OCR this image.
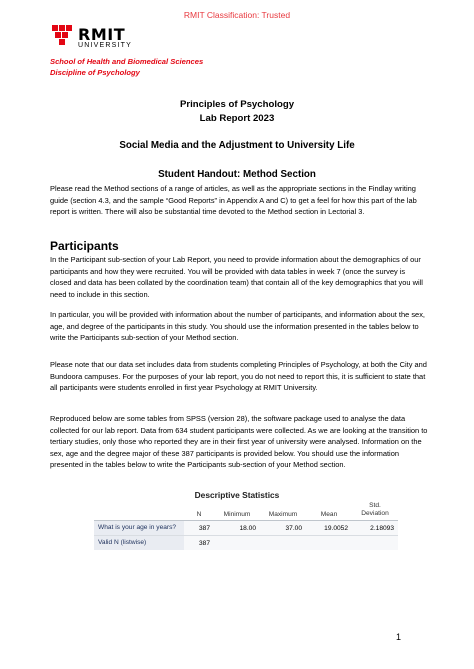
RMIT Classification: Trusted
RMIT
UNIVERSITY
School of Health and Biomedical Sciences
Discipline of Psychology
Principles of Psychology
Lab Report 2023
Social Media and the Adjustment to University Life
Student Handout: Method Section

Please read the Method sections of a range of articles, as well as the appropriate sections in the Findlay writing guide (section 4.3, and the sample “Good Reports” in Appendix A and C) to get a feel for how this part of the lab report is written. There will also be substantial time devoted to the Method section in Lectorial 3.

Participants

In the Participant sub-section of your Lab Report, you need to provide information about the demographics of our participants and how they were recruited. You will be provided with data tables in week 7 (once the survey is closed and data has been collated by the coordination team) that contain all of the key demographics that you will need to include in this section.

In particular, you will be provided with information about the number of participants, and information about the sex, age, and degree of the participants in this study. You should use the information presented in the tables below to write the Participants sub-section of your Method section.

Please note that our data set includes data from students completing Principles of Psychology, at both the City and Bundoora campuses. For the purposes of your lab report, you do not need to report this, it is sufficient to state that all participants were students enrolled in first year Psychology at RMIT University.

Reproduced below are some tables from SPSS (version 28), the software package used to analyse the data collected for our lab report. Data from 634 student participants were collected. As we are looking at the transition to tertiary studies, only those who reported they are in their first year of university were analysed. Information on the sex, age and the degree major of these 387 participants is provided below. You should use the information presented in the tables below to write the Participants sub-section of your Method section.

Descriptive Statistics
	N	Minimum	Maximum	Mean	Std. Deviation
What is your age in years?	387	18.00	37.00	19.0052	2.18093
Valid N (listwise)	387				
1
